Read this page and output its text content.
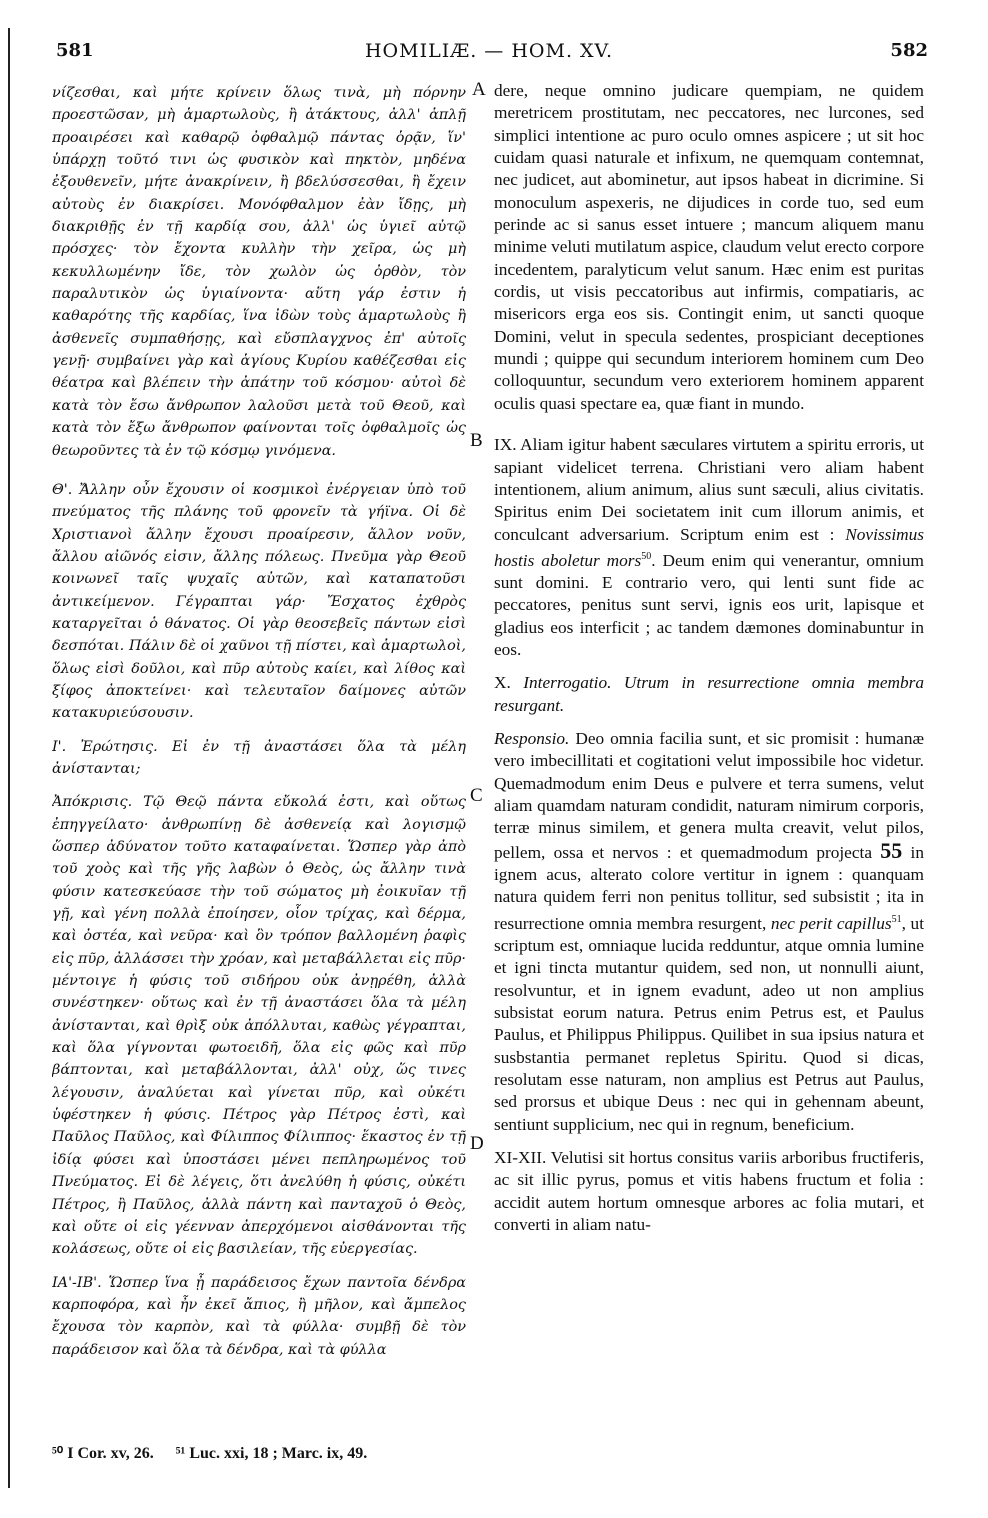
581	HOMILIÆ. — HOM. XV.	582

νίζεσθαι, καὶ μήτε κρίνειν ὅλως τινὰ, μὴ πόρνην προεστῶσαν, μὴ ἁμαρτωλοὺς, ἢ ἀτάκτους, ἀλλ' ἁπλῇ προαιρέσει καὶ καθαρῷ ὀφθαλμῷ πάντας ὁρᾷν, ἵν' ὑπάρχῃ τοῦτό τινι ὡς φυσικὸν καὶ πηκτὸν, μηδένα ἐξουθενεῖν, μήτε ἀνακρίνειν, ἢ βδελύσσεσθαι, ἢ ἔχειν αὐτοὺς ἐν διακρίσει. Μονόφθαλμον ἐὰν ἴδῃς, μὴ διακριθῇς ἐν τῇ καρδίᾳ σου, ἀλλ' ὡς ὑγιεῖ αὐτῷ πρόσχες· τὸν ἔχοντα κυλλὴν τὴν χεῖρα, ὡς μὴ κεκυλλωμένην ἴδε, τὸν χωλὸν ὡς ὀρθὸν, τὸν παραλυτικὸν ὡς ὑγιαίνοντα· αὕτη γάρ ἐστιν ἡ καθαρότης τῆς καρδίας, ἵνα ἰδὼν τοὺς ἁμαρτωλοὺς ἢ ἀσθενεῖς συμπαθήσῃς, καὶ εὔσπλαγχνος ἐπ' αὐτοῖς γενῇ· συμβαίνει γὰρ καὶ ἁγίους Κυρίου καθέζεσθαι εἰς θέατρα καὶ βλέπειν τὴν ἀπάτην τοῦ κόσμου· αὐτοὶ δὲ κατὰ τὸν ἔσω ἄνθρωπον λαλοῦσι μετὰ τοῦ Θεοῦ, καὶ κατὰ τὸν ἔξω ἄνθρωπον φαίνονται τοῖς ὀφθαλμοῖς ὡς θεωροῦντες τὰ ἐν τῷ κόσμῳ γινόμενα.

Θ'. Ἄλλην οὖν ἔχουσιν οἱ κοσμικοὶ ἐνέργειαν ὑπὸ τοῦ πνεύματος τῆς πλάνης τοῦ φρονεῖν τὰ γήϊνα. Οἱ δὲ Χριστιανοὶ ἄλλην ἔχουσι προαίρεσιν, ἄλλον νοῦν, ἄλλου αἰῶνός εἰσιν, ἄλλης πόλεως. Πνεῦμα γὰρ Θεοῦ κοινωνεῖ ταῖς ψυχαῖς αὐτῶν, καὶ καταπατοῦσι ἀντικείμενον. Γέγραπται γάρ· Ἔσχατος ἐχθρὸς καταργεῖται ὁ θάνατος. Οἱ γὰρ θεοσεβεῖς πάντων εἰσὶ δεσπόται. Πάλιν δὲ οἱ χαῦνοι τῇ πίστει, καὶ ἁμαρτωλοὶ, ὅλως εἰσὶ δοῦλοι, καὶ πῦρ αὐτοὺς καίει, καὶ λίθος καὶ ξίφος ἀποκτείνει· καὶ τελευταῖον δαίμονες αὐτῶν κατακυριεύσουσιν.

Ι'. Ἐρώτησις. Εἰ ἐν τῇ ἀναστάσει ὅλα τὰ μέλη ἀνίστανται;

Ἀπόκρισις. Τῷ Θεῷ πάντα εὔκολά ἐστι, καὶ οὕτως ἐπηγγείλατο· ἀνθρωπίνῃ δὲ ἀσθενείᾳ καὶ λογισμῷ ὥσπερ ἀδύνατον τοῦτο καταφαίνεται. Ὥσπερ γὰρ ἀπὸ τοῦ χοὸς καὶ τῆς γῆς λαβὼν ὁ Θεὸς, ὡς ἄλλην τινὰ φύσιν κατεσκεύασε τὴν τοῦ σώματος μὴ ἐοικυῖαν τῇ γῇ, καὶ γένη πολλὰ ἐποίησεν, οἷον τρίχας, καὶ δέρμα, καὶ ὀστέα, καὶ νεῦρα· καὶ ὃν τρόπον βαλλομένη ῥαφὶς εἰς πῦρ, ἀλλάσσει τὴν χρόαν, καὶ μεταβάλλεται εἰς πῦρ· μέντοιγε ἡ φύσις τοῦ σιδήρου οὐκ ἀνῃρέθη, ἀλλὰ συνέστηκεν· οὕτως καὶ ἐν τῇ ἀναστάσει ὅλα τὰ μέλη ἀνίστανται, καὶ θρὶξ οὐκ ἀπόλλυται, καθὼς γέγραπται, καὶ ὅλα γίγνονται φωτοειδῆ, ὅλα εἰς φῶς καὶ πῦρ βάπτονται, καὶ μεταβάλλονται, ἀλλ' οὐχ, ὥς τινες λέγουσιν, ἀναλύεται καὶ γίνεται πῦρ, καὶ οὐκέτι ὑφέστηκεν ἡ φύσις. Πέτρος γὰρ Πέτρος ἐστὶ, καὶ Παῦλος Παῦλος, καὶ Φίλιππος Φίλιππος· ἕκαστος ἐν τῇ ἰδίᾳ φύσει καὶ ὑποστάσει μένει πεπληρωμένος τοῦ Πνεύματος. Εἰ δὲ λέγεις, ὅτι ἀνελύθη ἡ φύσις, οὐκέτι Πέτρος, ἢ Παῦλος, ἀλλὰ πάντη καὶ πανταχοῦ ὁ Θεὸς, καὶ οὔτε οἱ εἰς γέενναν ἀπερχόμενοι αἰσθάνονται τῆς κολάσεως, οὔτε οἱ εἰς βασιλείαν, τῆς εὐεργεσίας.

ΙΑ'-ΙΒ'. Ὥσπερ ἵνα ᾖ παράδεισος ἔχων παντοῖα δένδρα καρποφόρα, καὶ ἦν ἐκεῖ ἄπιος, ἢ μῆλον, καὶ ἄμπελος ἔχουσα τὸν καρπὸν, καὶ τὰ φύλλα· συμβῇ δὲ τὸν παράδεισον καὶ ὅλα τὰ δένδρα, καὶ τὰ φύλλα

dere, neque omnino judicare quempiam, ne quidem meretricem prostitutam, nec peccatores, nec lurcones, sed simplici intentione ac puro oculo omnes aspicere ; ut sit hoc cuidam quasi naturale et infixum, ne quemquam contemnat, nec judicet, aut abominetur, aut ipsos habeat in dicrimine. Si monoculum aspexeris, ne dijudices in corde tuo, sed eum perinde ac si sanus esset intuere ; mancum aliquem manu minime veluti mutilatum aspice, claudum velut erecto corpore incedentem, paralyticum velut sanum. Hæc enim est puritas cordis, ut visis peccatoribus aut infirmis, compatiaris, ac misericors erga eos sis. Contingit enim, ut sancti quoque Domini, velut in specula sedentes, prospiciant deceptiones mundi ; quippe qui secundum interiorem hominem cum Deo colloquuntur, secundum vero exteriorem hominem apparent oculis quasi spectare ea, quæ fiant in mundo.

IX. Aliam igitur habent sæculares virtutem a spiritu erroris, ut sapiant videlicet terrena. Christiani vero aliam habent intentionem, alium animum, alius sunt sæculi, alius civitatis. Spiritus enim Dei societatem init cum illorum animis, et conculcant adversarium. Scriptum enim est : Novissimus hostis aboletur mors$^{50}$. Deum enim qui venerantur, omnium sunt domini. E contrario vero, qui lenti sunt fide ac peccatores, penitus sunt servi, ignis eos urit, lapisque et gladius eos interficit ; ac tandem dæmones dominabuntur in eos.

X. Interrogatio. Utrum in resurrectione omnia membra resurgant.

Responsio. Deo omnia facilia sunt, et sic promisit : humanæ vero imbecillitati et cogitationi velut impossibile hoc videtur. Quemadmodum enim Deus e pulvere et terra sumens, velut aliam quamdam naturam condidit, naturam nimirum corporis, terræ minus similem, et genera multa creavit, velut pilos, pellem, ossa et nervos : et quemadmodum projecta 55 in ignem acus, alterato colore vertitur in ignem : quanquam natura quidem ferri non penitus tollitur, sed subsistit ; ita in resurrectione omnia membra resurgent, nec perit capillus$^{51}$, ut scriptum est, omniaque lucida redduntur, atque omnia lumine et igni tincta mutantur quidem, sed non, ut nonnulli aiunt, resolvuntur, et in ignem evadunt, adeo ut non amplius subsistat eorum natura. Petrus enim Petrus est, et Paulus Paulus, et Philippus Philippus. Quilibet in sua ipsius natura et susbstantia permanet repletus Spiritu. Quod si dicas, resolutam esse naturam, non amplius est Petrus aut Paulus, sed prorsus et ubique Deus : nec qui in gehennam abeunt, sentiunt supplicium, nec qui in regnum, beneficium.

XI-XII. Velutisi sit hortus consitus variis arboribus fructiferis, ac sit illic pyrus, pomus et vitis habens fructum et folia : accidit autem hortum omnesque arbores ac folia mutari, et converti in aliam natu-

A
B
C
D
⁵⁰ I Cor. xv, 26. ⁵¹ Luc. xxi, 18 ; Marc. ix, 49.
